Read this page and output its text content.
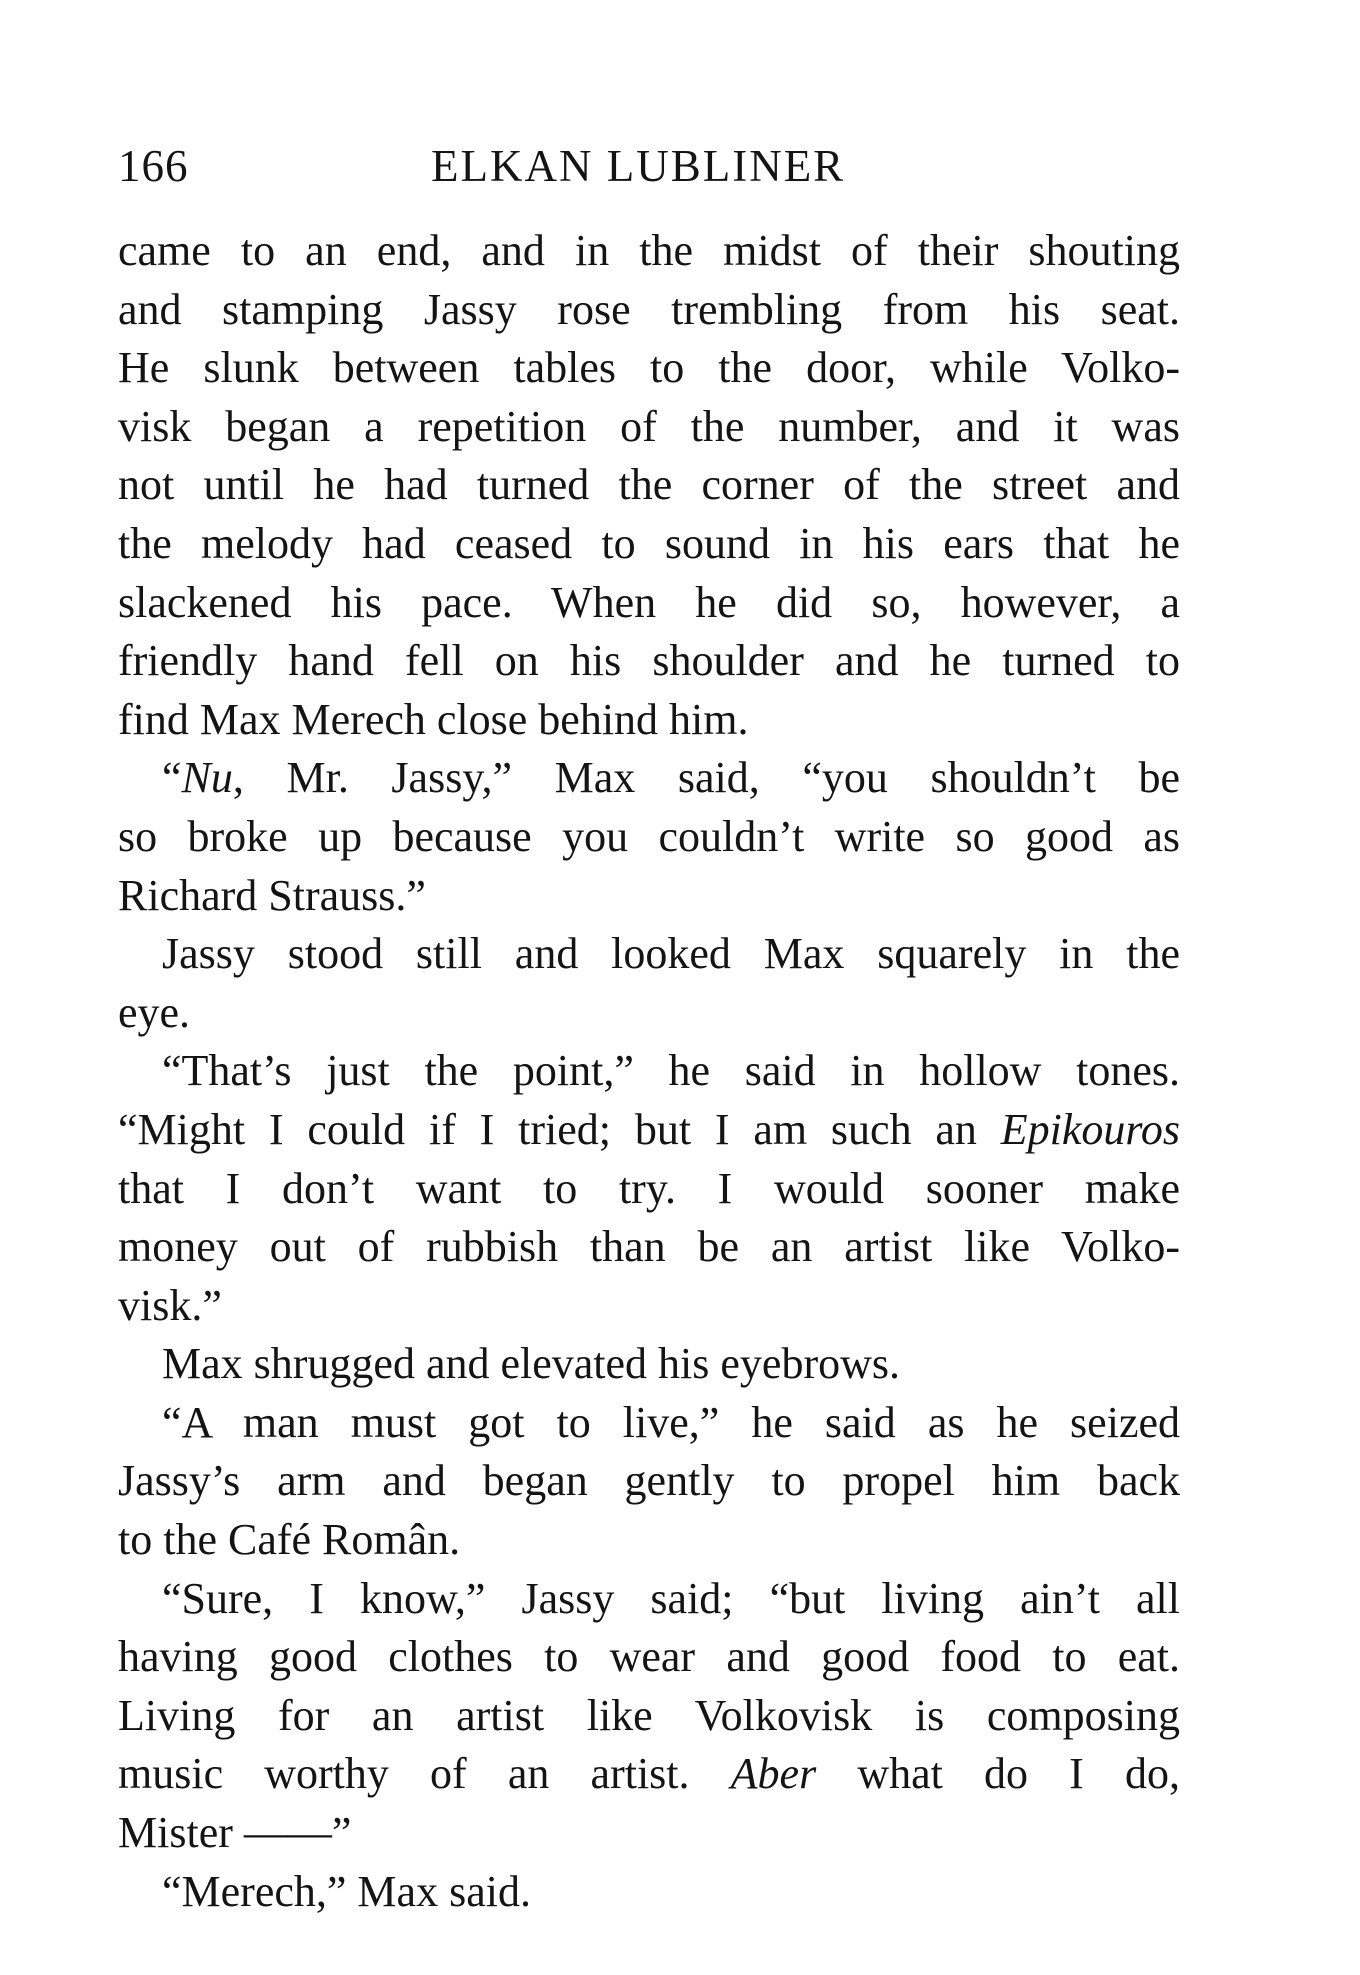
166	ELKAN LUBLINER
came to an end, and in the midst of their shouting
and stamping Jassy rose trembling from his seat.
He slunk between tables to the door, while Volko-
visk began a repetition of the number, and it was
not until he had turned the corner of the street and
the melody had ceased to sound in his ears that he
slackened his pace. When he did so, however, a
friendly hand fell on his shoulder and he turned to
find Max Merech close behind him.
“Nu, Mr. Jassy,” Max said, “you shouldn’t be
so broke up because you couldn’t write so good as
Richard Strauss.”
Jassy stood still and looked Max squarely in the
eye.
“That’s just the point,” he said in hollow tones.
“Might I could if I tried; but I am such an Epikouros
that I don’t want to try. I would sooner make
money out of rubbish than be an artist like Volko-
visk.”
Max shrugged and elevated his eyebrows.
“A man must got to live,” he said as he seized
Jassy’s arm and began gently to propel him back
to the Café Român.
“Sure, I know,” Jassy said; “but living ain’t all
having good clothes to wear and good food to eat.
Living for an artist like Volkovisk is composing
music worthy of an artist. Aber what do I do,
Mister ——”
“Merech,” Max said.
